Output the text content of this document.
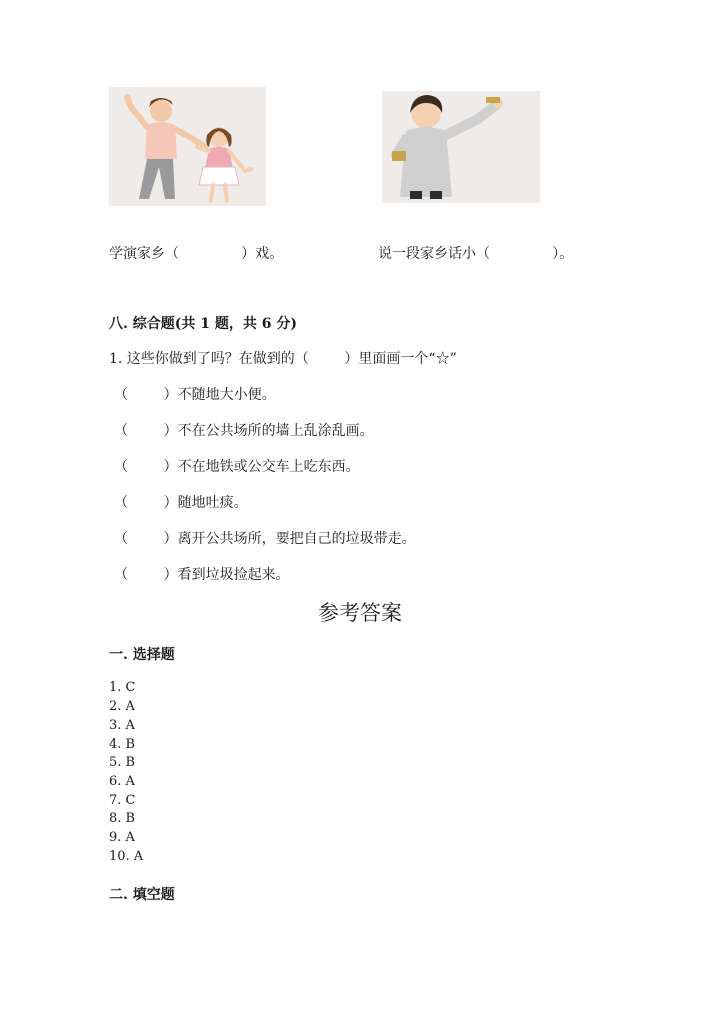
学演家乡（              ）戏。	说一段家乡话小（              ）。
八. 综合题(共 1 题，共 6 分)
1. 这些你做到了吗？在做到的（        ）里面画一个“☆”
（        ）不随地大小便。
（        ）不在公共场所的墙上乱涂乱画。
（        ）不在地铁或公交车上吃东西。
（        ）随地吐痰。
（        ）离开公共场所，要把自己的垃圾带走。
（        ）看到垃圾捡起来。
参考答案
一. 选择题
1. C
2. A
3. A
4. B
5. B
6. A
7. C
8. B
9. A
10. A
二. 填空题
